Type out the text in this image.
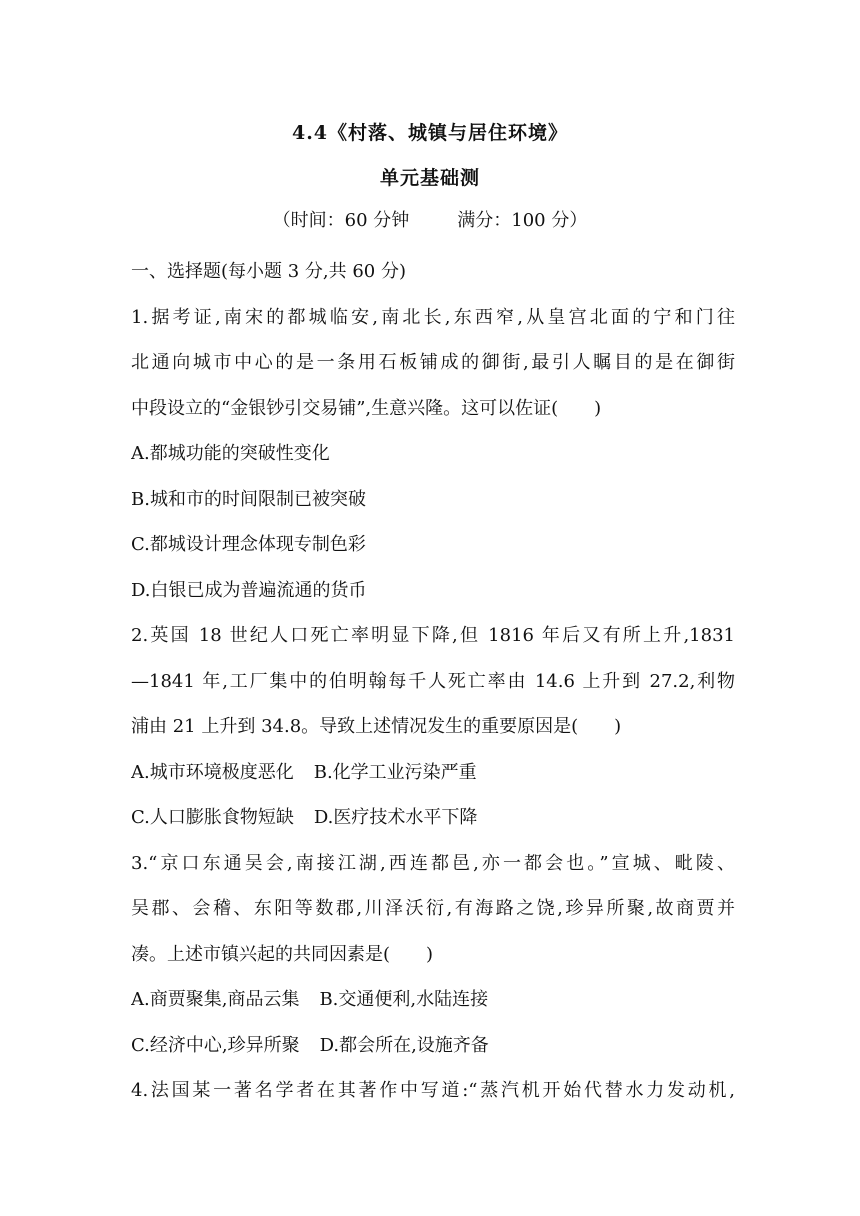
4.4《村落、城镇与居住环境》
单元基础测
（时间：60 分钟	满分：100 分）
一、选择题(每小题 3 分,共 60 分)
1.据考证,南宋的都城临安,南北长,东西窄,从皇宫北面的宁和门往
北通向城市中心的是一条用石板铺成的御街,最引人瞩目的是在御街
中段设立的“金银钞引交易铺”,生意兴隆。这可以佐证(　　)
A.都城功能的突破性变化
B.城和市的时间限制已被突破
C.都城设计理念体现专制色彩
D.白银已成为普遍流通的货币
2.英国 18 世纪人口死亡率明显下降,但 1816 年后又有所上升,1831
—1841 年,工厂集中的伯明翰每千人死亡率由 14.6 上升到 27.2,利物
浦由 21 上升到 34.8。导致上述情况发生的重要原因是(　　)
A.城市环境极度恶化 B.化学工业污染严重
C.人口膨胀食物短缺 D.医疗技术水平下降
3.“京口东通吴会,南接江湖,西连都邑,亦一都会也。”宣城、毗陵、
吴郡、会稽、东阳等数郡,川泽沃衍,有海路之饶,珍异所聚,故商贾并
凑。上述市镇兴起的共同因素是(　　)
A.商贾聚集,商品云集 B.交通便利,水陆连接
C.经济中心,珍异所聚 D.都会所在,设施齐备
4.法国某一著名学者在其著作中写道:“蒸汽机开始代替水力发动机,
